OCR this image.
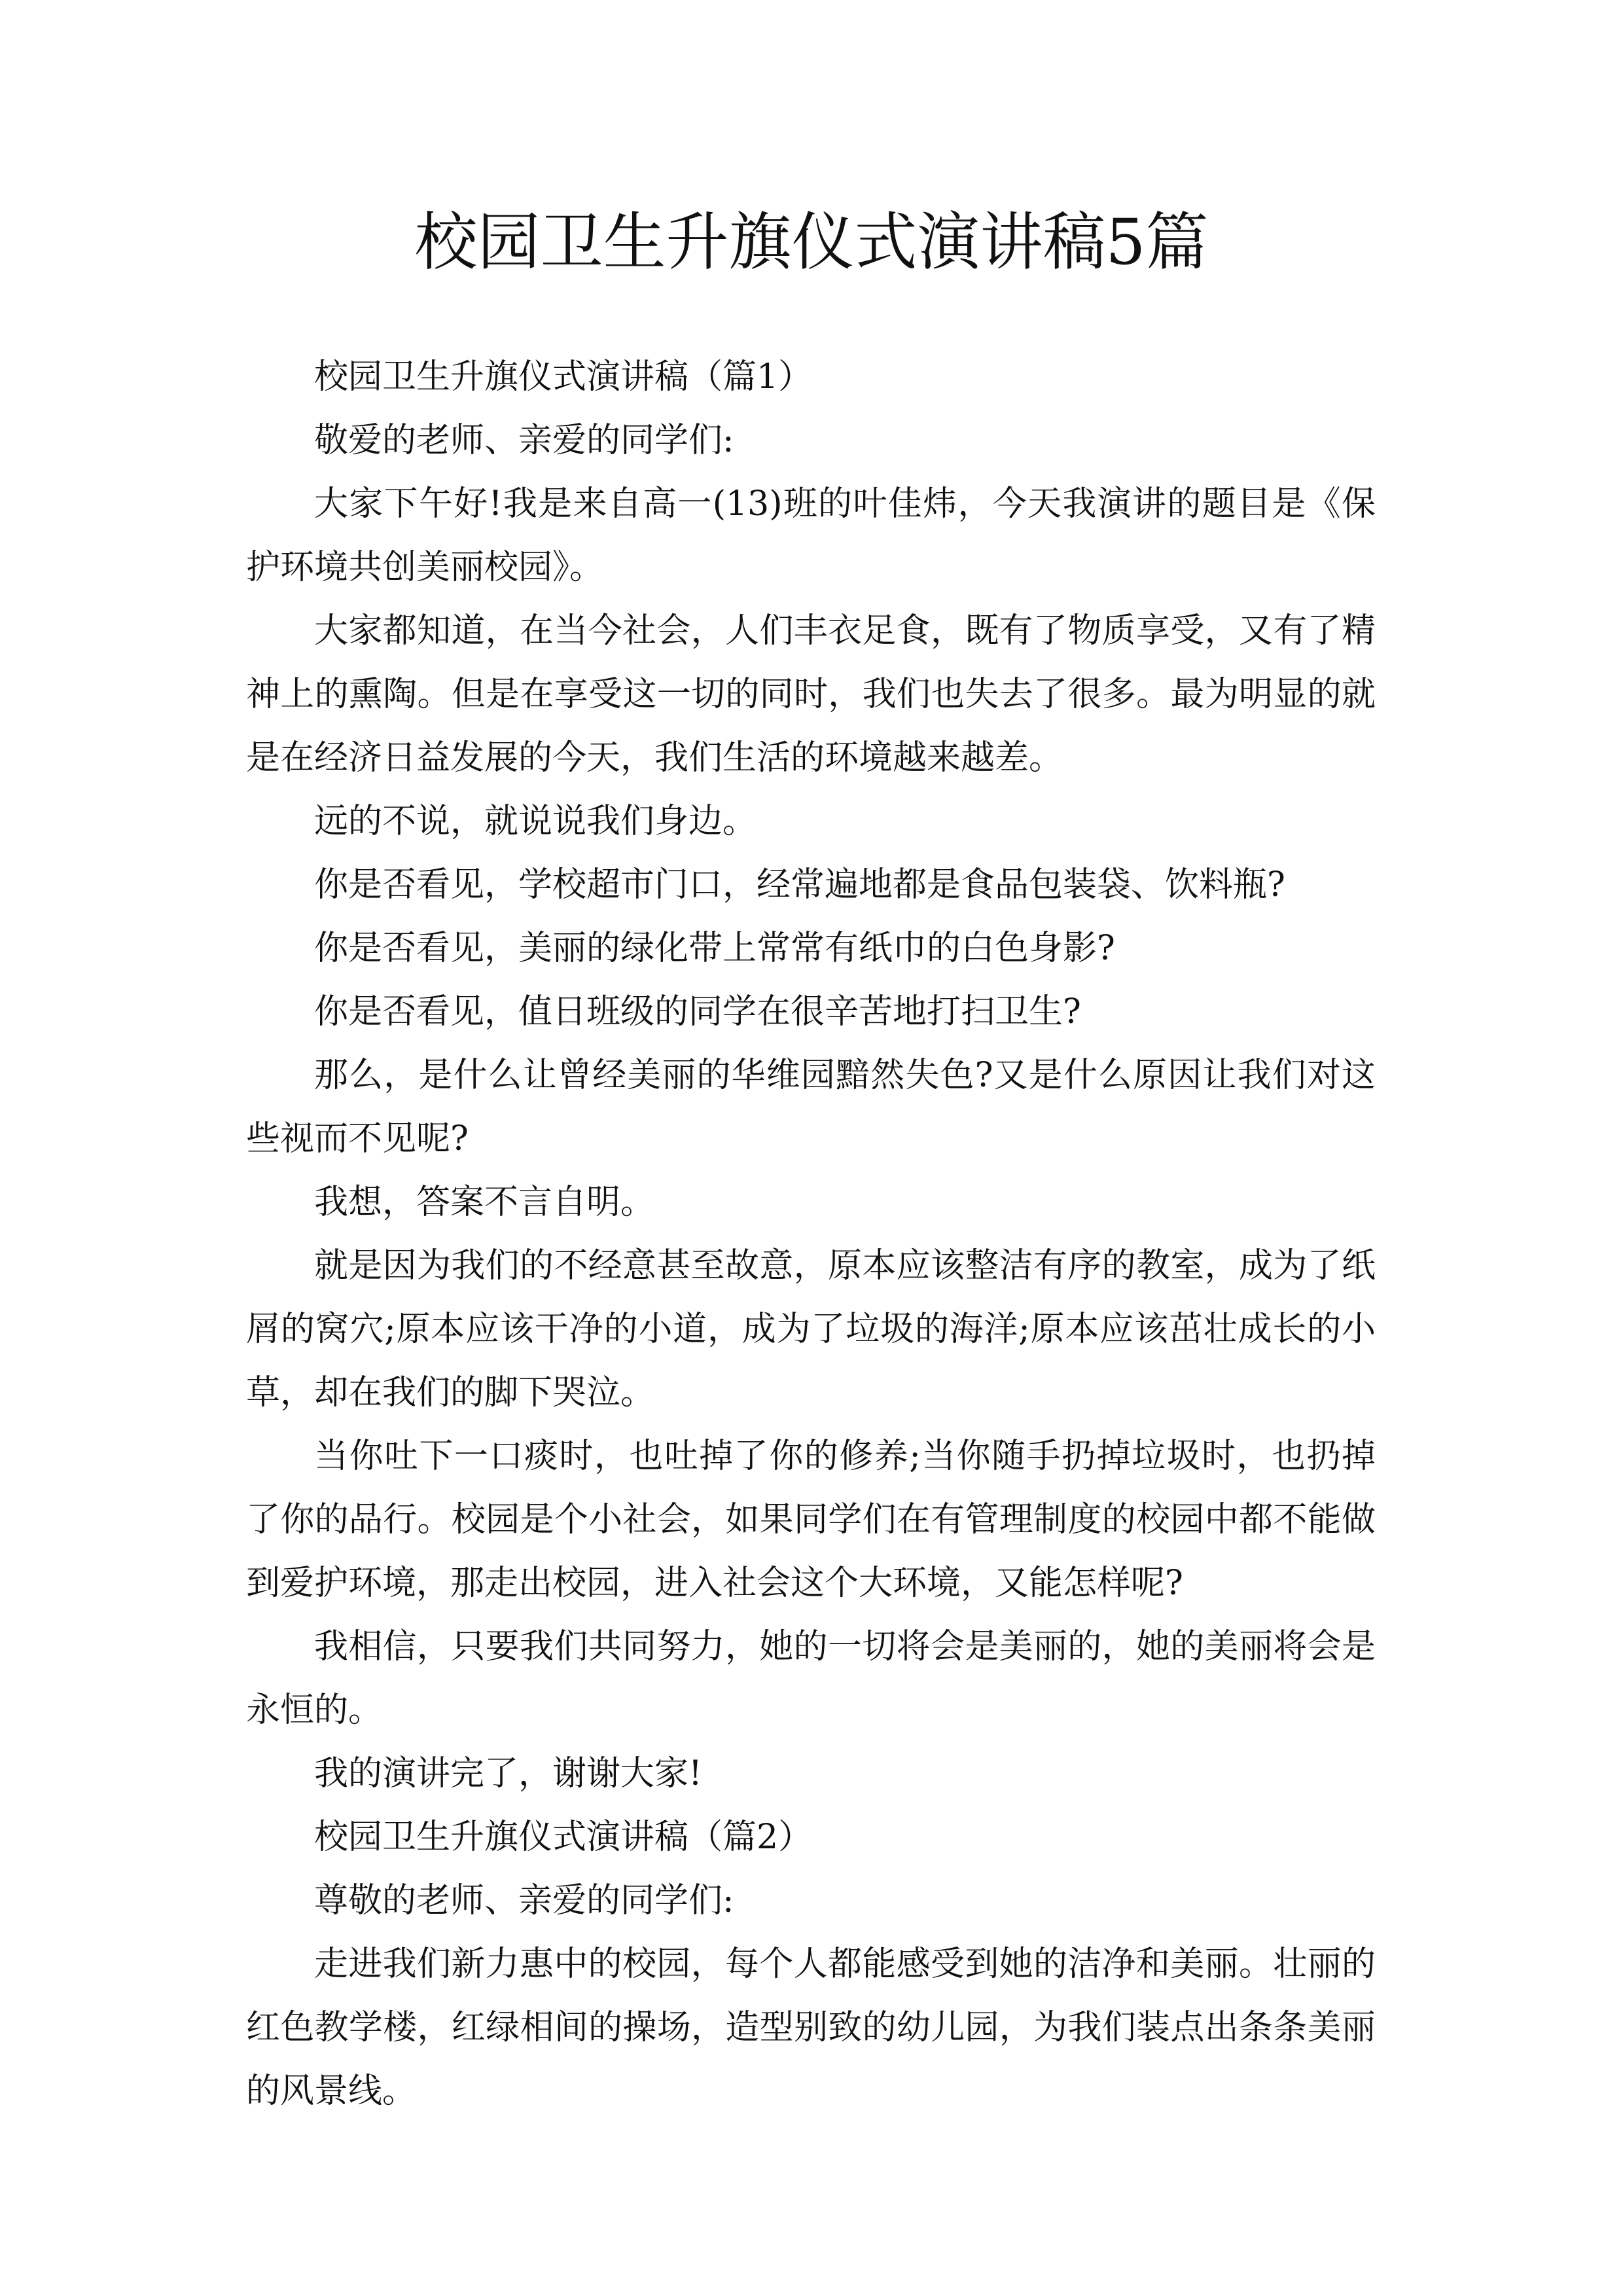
校园卫生升旗仪式演讲稿5篇

校园卫生升旗仪式演讲稿（篇1）

敬爱的老师、亲爱的同学们:

大家下午好!我是来自高一(13)班的叶佳炜，今天我演讲的题目是《保护环境共创美丽校园》。

大家都知道，在当今社会，人们丰衣足食，既有了物质享受，又有了精神上的熏陶。但是在享受这一切的同时，我们也失去了很多。最为明显的就是在经济日益发展的今天，我们生活的环境越来越差。

远的不说，就说说我们身边。

你是否看见，学校超市门口，经常遍地都是食品包装袋、饮料瓶?

你是否看见，美丽的绿化带上常常有纸巾的白色身影?

你是否看见，值日班级的同学在很辛苦地打扫卫生?

那么，是什么让曾经美丽的华维园黯然失色?又是什么原因让我们对这些视而不见呢?

我想，答案不言自明。

就是因为我们的不经意甚至故意，原本应该整洁有序的教室，成为了纸屑的窝穴;原本应该干净的小道，成为了垃圾的海洋;原本应该茁壮成长的小草，却在我们的脚下哭泣。

当你吐下一口痰时，也吐掉了你的修养;当你随手扔掉垃圾时，也扔掉了你的品行。校园是个小社会，如果同学们在有管理制度的校园中都不能做到爱护环境，那走出校园，进入社会这个大环境，又能怎样呢?

我相信，只要我们共同努力，她的一切将会是美丽的，她的美丽将会是永恒的。

我的演讲完了，谢谢大家!

校园卫生升旗仪式演讲稿（篇2）

尊敬的老师、亲爱的同学们:

走进我们新力惠中的校园，每个人都能感受到她的洁净和美丽。壮丽的红色教学楼，红绿相间的操场，造型别致的幼儿园，为我们装点出条条美丽的风景线。
